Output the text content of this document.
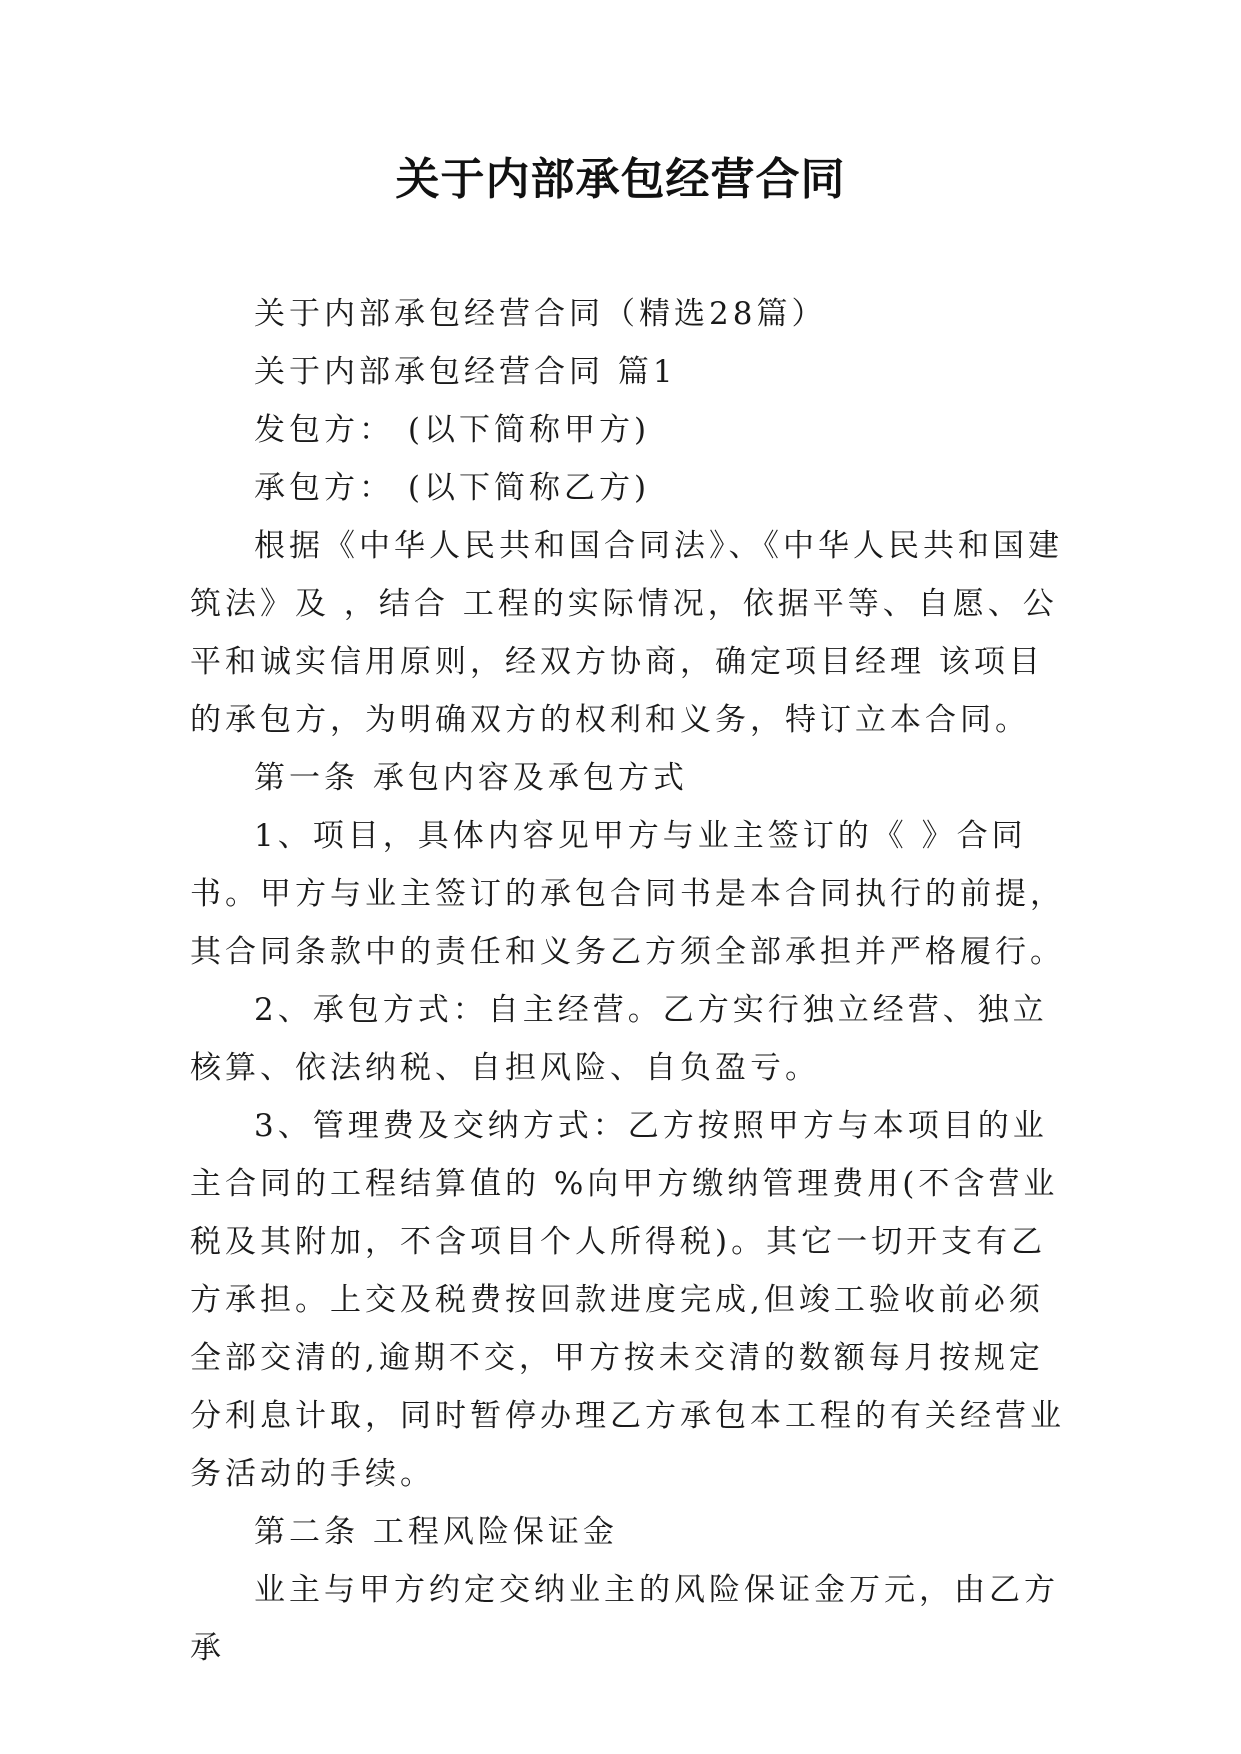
关于内部承包经营合同

关于内部承包经营合同（精选28篇）

关于内部承包经营合同 篇1

发包方： (以下简称甲方)

承包方： (以下简称乙方)

根据《中华人民共和国合同法》、《中华人民共和国建筑法》及 ，结合 工程的实际情况，依据平等、自愿、公平和诚实信用原则，经双方协商，确定项目经理 该项目的承包方，为明确双方的权利和义务，特订立本合同。

第一条 承包内容及承包方式

1、项目，具体内容见甲方与业主签订的《 》合同书。甲方与业主签订的承包合同书是本合同执行的前提，其合同条款中的责任和义务乙方须全部承担并严格履行。

2、承包方式：自主经营。乙方实行独立经营、独立核算、依法纳税、自担风险、自负盈亏。

3、管理费及交纳方式：乙方按照甲方与本项目的业主合同的工程结算值的 %向甲方缴纳管理费用(不含营业税及其附加，不含项目个人所得税)。其它一切开支有乙方承担。上交及税费按回款进度完成,但竣工验收前必须全部交清的,逾期不交，甲方按未交清的数额每月按规定 分利息计取，同时暂停办理乙方承包本工程的有关经营业务活动的手续。

第二条 工程风险保证金

业主与甲方约定交纳业主的风险保证金万元，由乙方承
